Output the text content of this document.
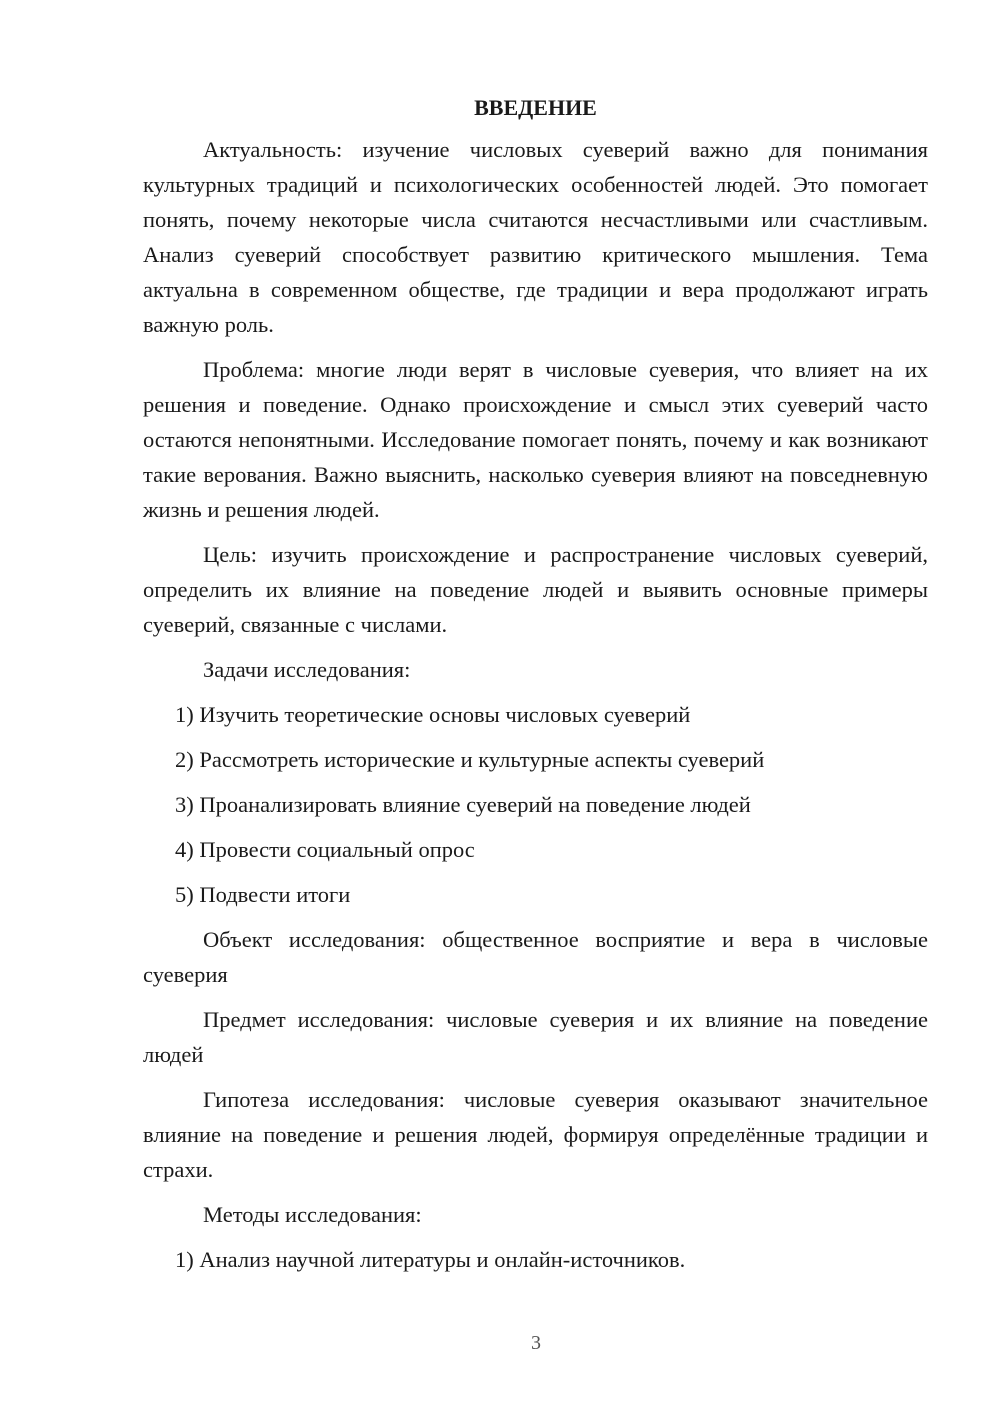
ВВЕДЕНИЕ

Актуальность: изучение числовых суеверий важно для понимания культурных традиций и психологических особенностей людей. Это помогает понять, почему некоторые числа считаются несчастливыми или счастливым. Анализ суеверий способствует развитию критического мышления. Тема актуальна в современном обществе, где традиции и вера продолжают играть важную роль.

Проблема: многие люди верят в числовые суеверия, что влияет на их решения и поведение. Однако происхождение и смысл этих суеверий часто остаются непонятными. Исследование помогает понять, почему и как возникают такие верования. Важно выяснить, насколько суеверия влияют на повседневную жизнь и решения людей.

Цель: изучить происхождение и распространение числовых суеверий, определить их влияние на поведение людей и выявить основные примеры суеверий, связанные с числами.

Задачи исследования:

1) Изучить теоретические основы числовых суеверий

2) Рассмотреть исторические и культурные аспекты суеверий

3) Проанализировать влияние суеверий на поведение людей

4) Провести социальный опрос

5) Подвести итоги

Объект исследования: общественное восприятие и вера в числовые суеверия

Предмет исследования: числовые суеверия и их влияние на поведение людей

Гипотеза исследования: числовые суеверия оказывают значительное влияние на поведение и решения людей, формируя определённые традиции и страхи.

Методы исследования:

1) Анализ научной литературы и онлайн-источников.

3
